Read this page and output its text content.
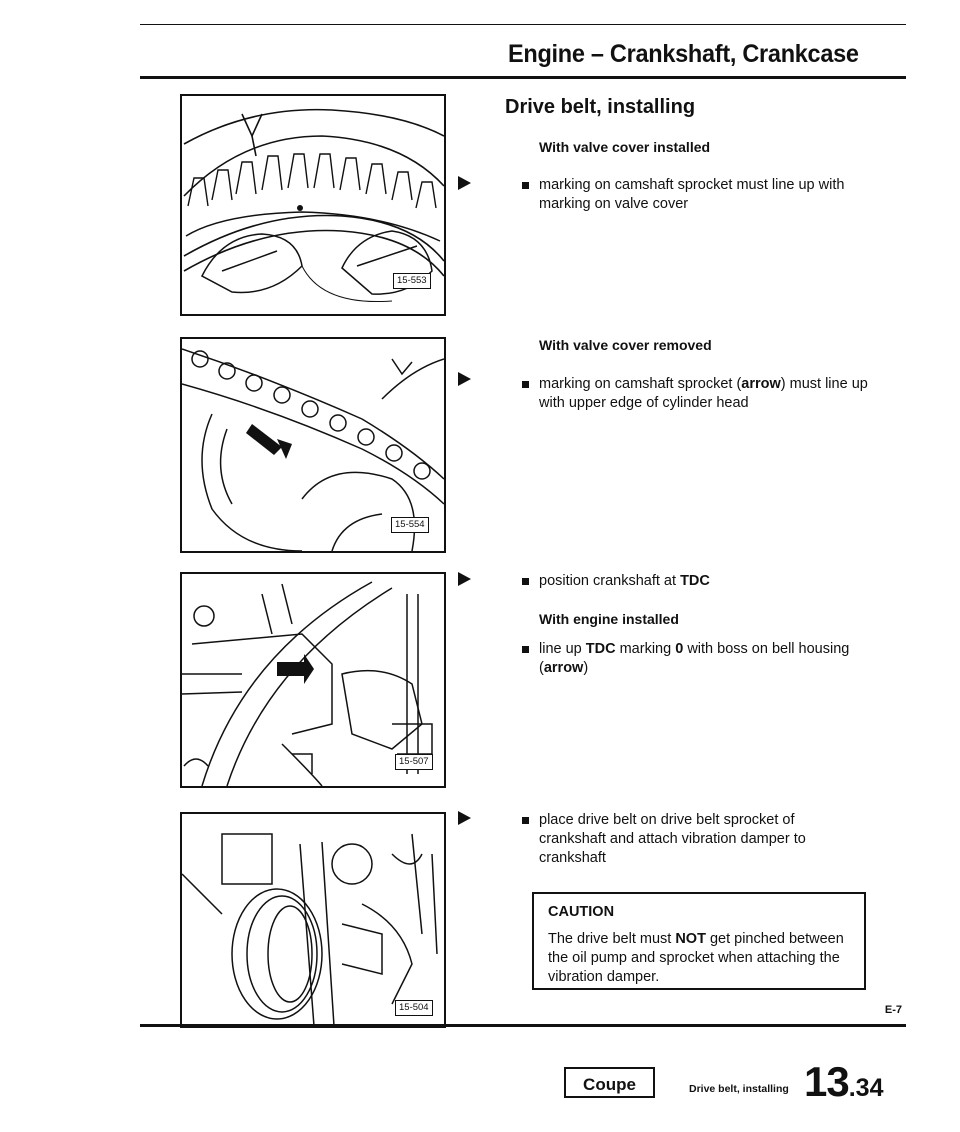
Engine – Crankshaft, Crankcase
Drive belt, installing
15-553
15-554
15-507
15-504
With valve cover installed
marking on camshaft sprocket must line up with marking on valve cover
With valve cover removed
marking on camshaft sprocket (arrow) must line up with upper edge of cylinder head
position crankshaft at TDC
With engine installed
line up TDC marking 0 with boss on bell housing (arrow)
place drive belt on drive belt sprocket of crankshaft and attach vibration damper to crankshaft
CAUTION
The drive belt must NOT get pinched between the oil pump and sprocket when attaching the vibration damper.
E-7
Coupe	Drive belt, installing 13.34
